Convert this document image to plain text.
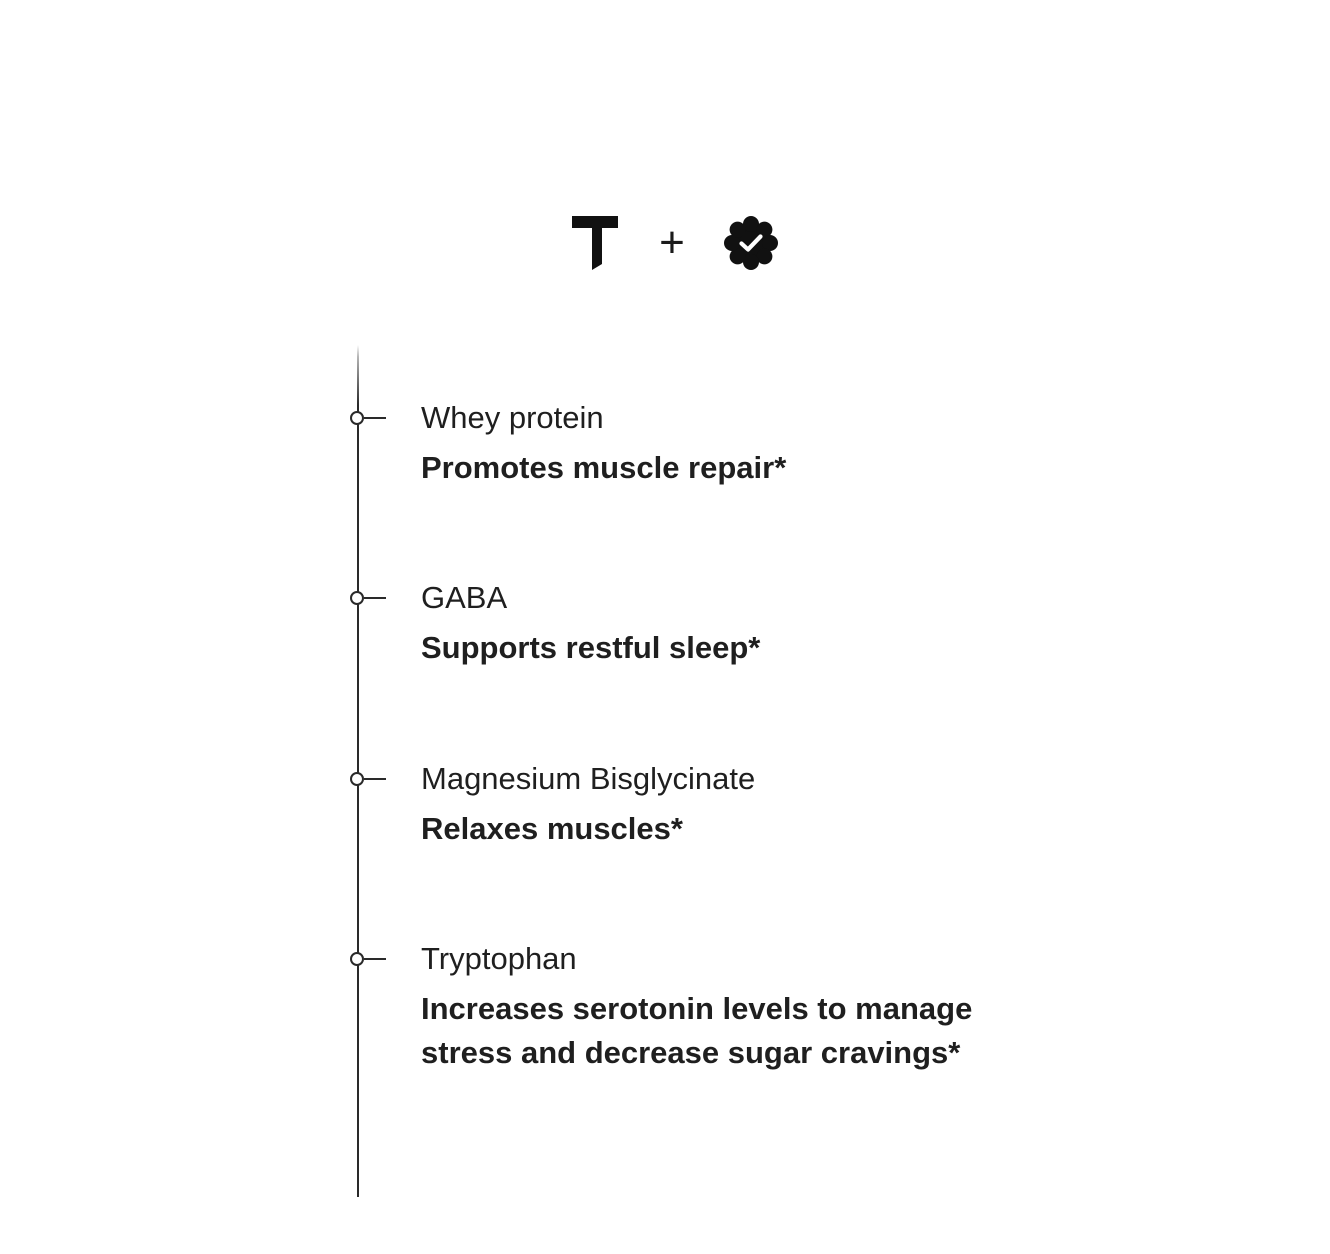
+
Whey protein
Promotes muscle repair*
GABA
Supports restful sleep*
Magnesium Bisglycinate
Relaxes muscles*
Tryptophan
Increases serotonin levels to manage stress and decrease sugar cravings*
